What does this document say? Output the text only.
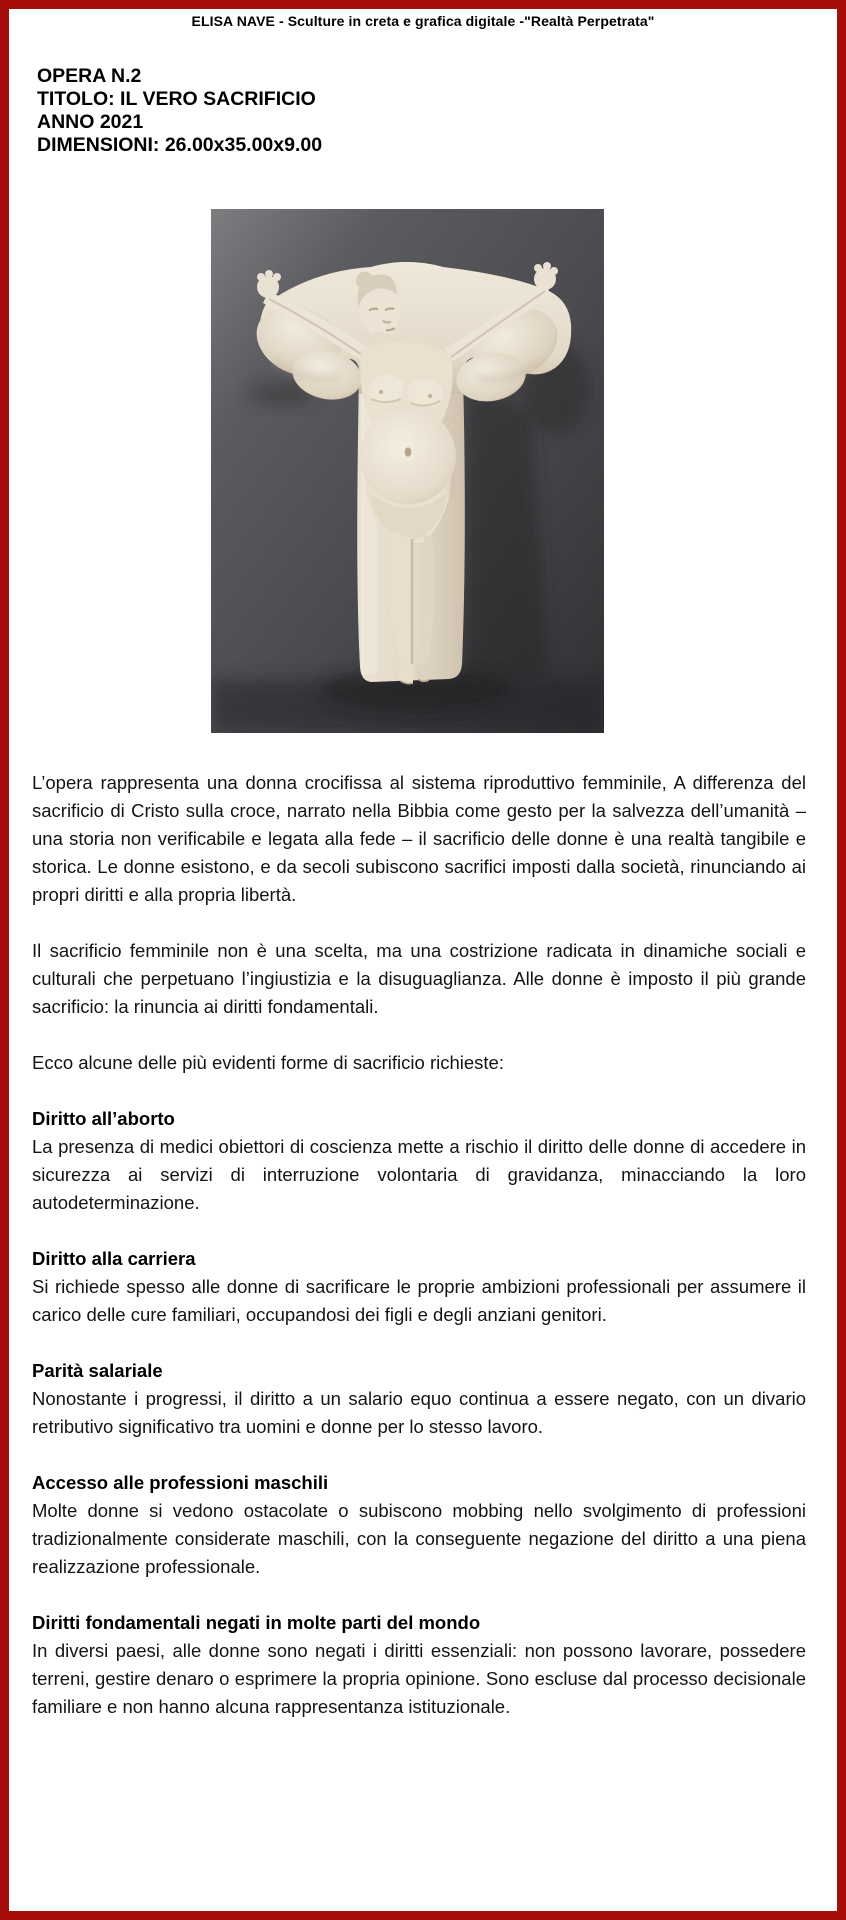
ELISA NAVE - Sculture in creta e grafica digitale -"Realtà Perpetrata"
OPERA N.2
TITOLO: IL VERO SACRIFICIO
ANNO 2021
DIMENSIONI: 26.00x35.00x9.00

L’opera rappresenta una donna crocifissa al sistema riproduttivo femminile, A differenza del sacrificio di Cristo sulla croce, narrato nella Bibbia come gesto per la salvezza dell’umanità – una storia non verificabile e legata alla fede – il sacrificio delle donne è una realtà tangibile e storica. Le donne esistono, e da secoli subiscono sacrifici imposti dalla società, rinunciando ai propri diritti e alla propria libertà.

Il sacrificio femminile non è una scelta, ma una costrizione radicata in dinamiche sociali e culturali che perpetuano l’ingiustizia e la disuguaglianza. Alle donne è imposto il più grande sacrificio: la rinuncia ai diritti fondamentali.

Ecco alcune delle più evidenti forme di sacrificio richieste:

Diritto all’aborto
La presenza di medici obiettori di coscienza mette a rischio il diritto delle donne di accedere in sicurezza ai servizi di interruzione volontaria di gravidanza, minacciando la loro autodeterminazione.
Diritto alla carriera
Si richiede spesso alle donne di sacrificare le proprie ambizioni professionali per assumere il carico delle cure familiari, occupandosi dei figli e degli anziani genitori.
Parità salariale
Nonostante i progressi, il diritto a un salario equo continua a essere negato, con un divario retributivo significativo tra uomini e donne per lo stesso lavoro.
Accesso alle professioni maschili
Molte donne si vedono ostacolate o subiscono mobbing nello svolgimento di professioni tradizionalmente considerate maschili, con la conseguente negazione del diritto a una piena realizzazione professionale.
Diritti fondamentali negati in molte parti del mondo
In diversi paesi, alle donne sono negati i diritti essenziali: non possono lavorare, possedere terreni, gestire denaro o esprimere la propria opinione. Sono escluse dal processo decisionale familiare e non hanno alcuna rappresentanza istituzionale.
